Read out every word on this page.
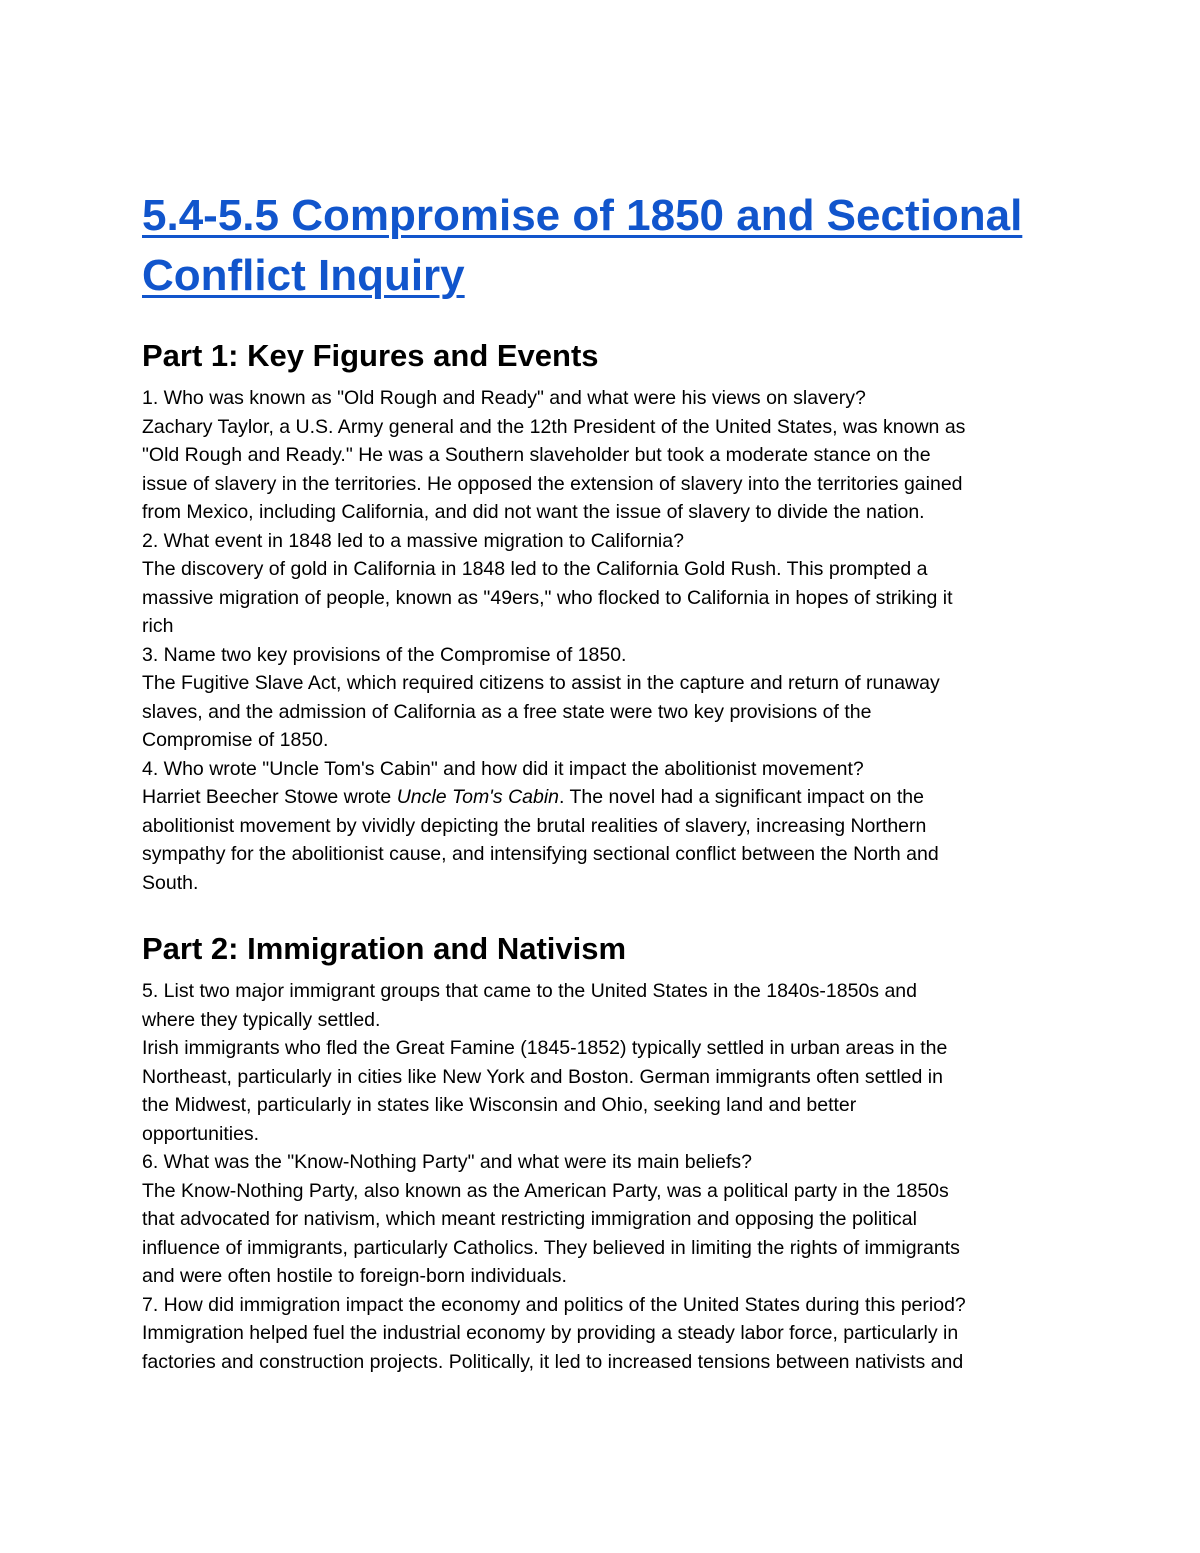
5.4-5.5 Compromise of 1850 and Sectional
Conflict Inquiry
Part 1: Key Figures and Events

1. Who was known as "Old Rough and Ready" and what were his views on slavery?

Zachary Taylor, a U.S. Army general and the 12th President of the United States, was known as

"Old Rough and Ready." He was a Southern slaveholder but took a moderate stance on the

issue of slavery in the territories. He opposed the extension of slavery into the territories gained

from Mexico, including California, and did not want the issue of slavery to divide the nation.

2. What event in 1848 led to a massive migration to California?

The discovery of gold in California in 1848 led to the California Gold Rush. This prompted a

massive migration of people, known as "49ers," who flocked to California in hopes of striking it

rich

3. Name two key provisions of the Compromise of 1850.

The Fugitive Slave Act, which required citizens to assist in the capture and return of runaway

slaves, and the admission of California as a free state were two key provisions of the

Compromise of 1850.

4. Who wrote "Uncle Tom's Cabin" and how did it impact the abolitionist movement?

Harriet Beecher Stowe wrote Uncle Tom's Cabin. The novel had a significant impact on the

abolitionist movement by vividly depicting the brutal realities of slavery, increasing Northern

sympathy for the abolitionist cause, and intensifying sectional conflict between the North and

South.

Part 2: Immigration and Nativism

5. List two major immigrant groups that came to the United States in the 1840s-1850s and

where they typically settled.

Irish immigrants who fled the Great Famine (1845-1852) typically settled in urban areas in the

Northeast, particularly in cities like New York and Boston. German immigrants often settled in

the Midwest, particularly in states like Wisconsin and Ohio, seeking land and better

opportunities.

6. What was the "Know-Nothing Party" and what were its main beliefs?

The Know-Nothing Party, also known as the American Party, was a political party in the 1850s

that advocated for nativism, which meant restricting immigration and opposing the political

influence of immigrants, particularly Catholics. They believed in limiting the rights of immigrants

and were often hostile to foreign-born individuals.

7. How did immigration impact the economy and politics of the United States during this period?

Immigration helped fuel the industrial economy by providing a steady labor force, particularly in

factories and construction projects. Politically, it led to increased tensions between nativists and
